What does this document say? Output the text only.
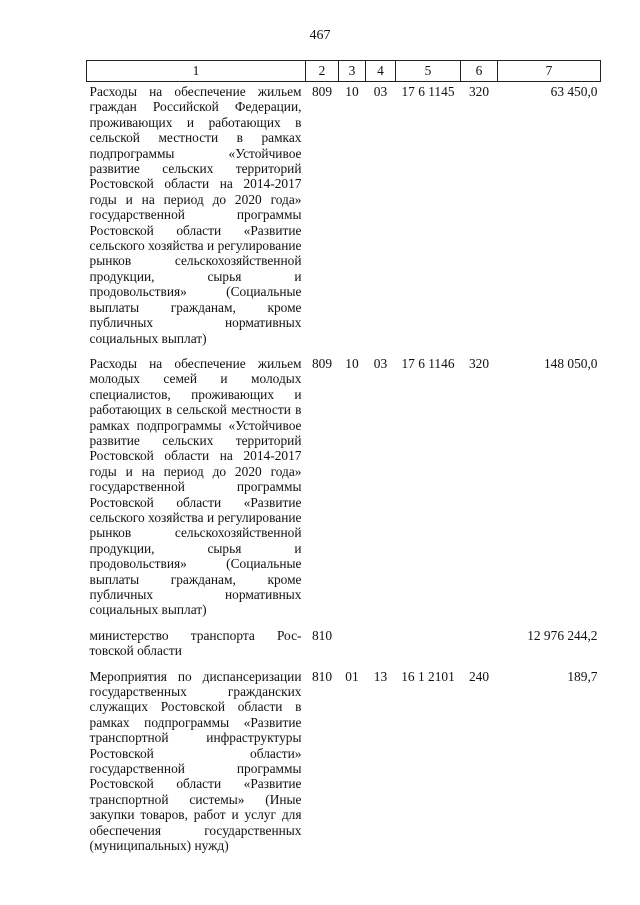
467
1	2	3	4	5	6	7
Расходы на обеспечение жильем граждан Российской Федерации, проживающих и работающих в сельской местности в рамках подпрограммы «Устойчивое развитие сельских территорий Ростовской области на 2014-2017 годы и на период до 2020 года» государственной программы Ростовской области «Развитие сельского хозяйства и регулирование рынков сельскохозяйственной продукции, сырья и продовольствия» (Социальные выплаты гражданам, кроме публичных нормативных социальных выплат)	809	10	03	17 6 1145	320	63 450,0
Расходы на обеспечение жильем молодых семей и молодых специалистов, проживающих и работающих в сельской местности в рамках подпрограммы «Устойчивое развитие сельских территорий Ростовской области на 2014-2017 годы и на период до 2020 года» государственной программы Ростовской области «Развитие сельского хозяйства и регулирование рынков сельскохозяйственной продукции, сырья и продовольствия» (Социальные выплаты гражданам, кроме публичных нормативных социальных выплат)	809	10	03	17 6 1146	320	148 050,0
министерство транспорта Ростовской области	810					12 976 244,2
Мероприятия по диспансеризации государственных гражданских служащих Ростовской области в рамках подпрограммы «Развитие транспортной инфраструктуры Ростовской области» государственной программы Ростовской области «Развитие транспортной системы» (Иные закупки товаров, работ и услуг для обеспечения государственных (муниципальных) нужд)	810	01	13	16 1 2101	240	189,7
